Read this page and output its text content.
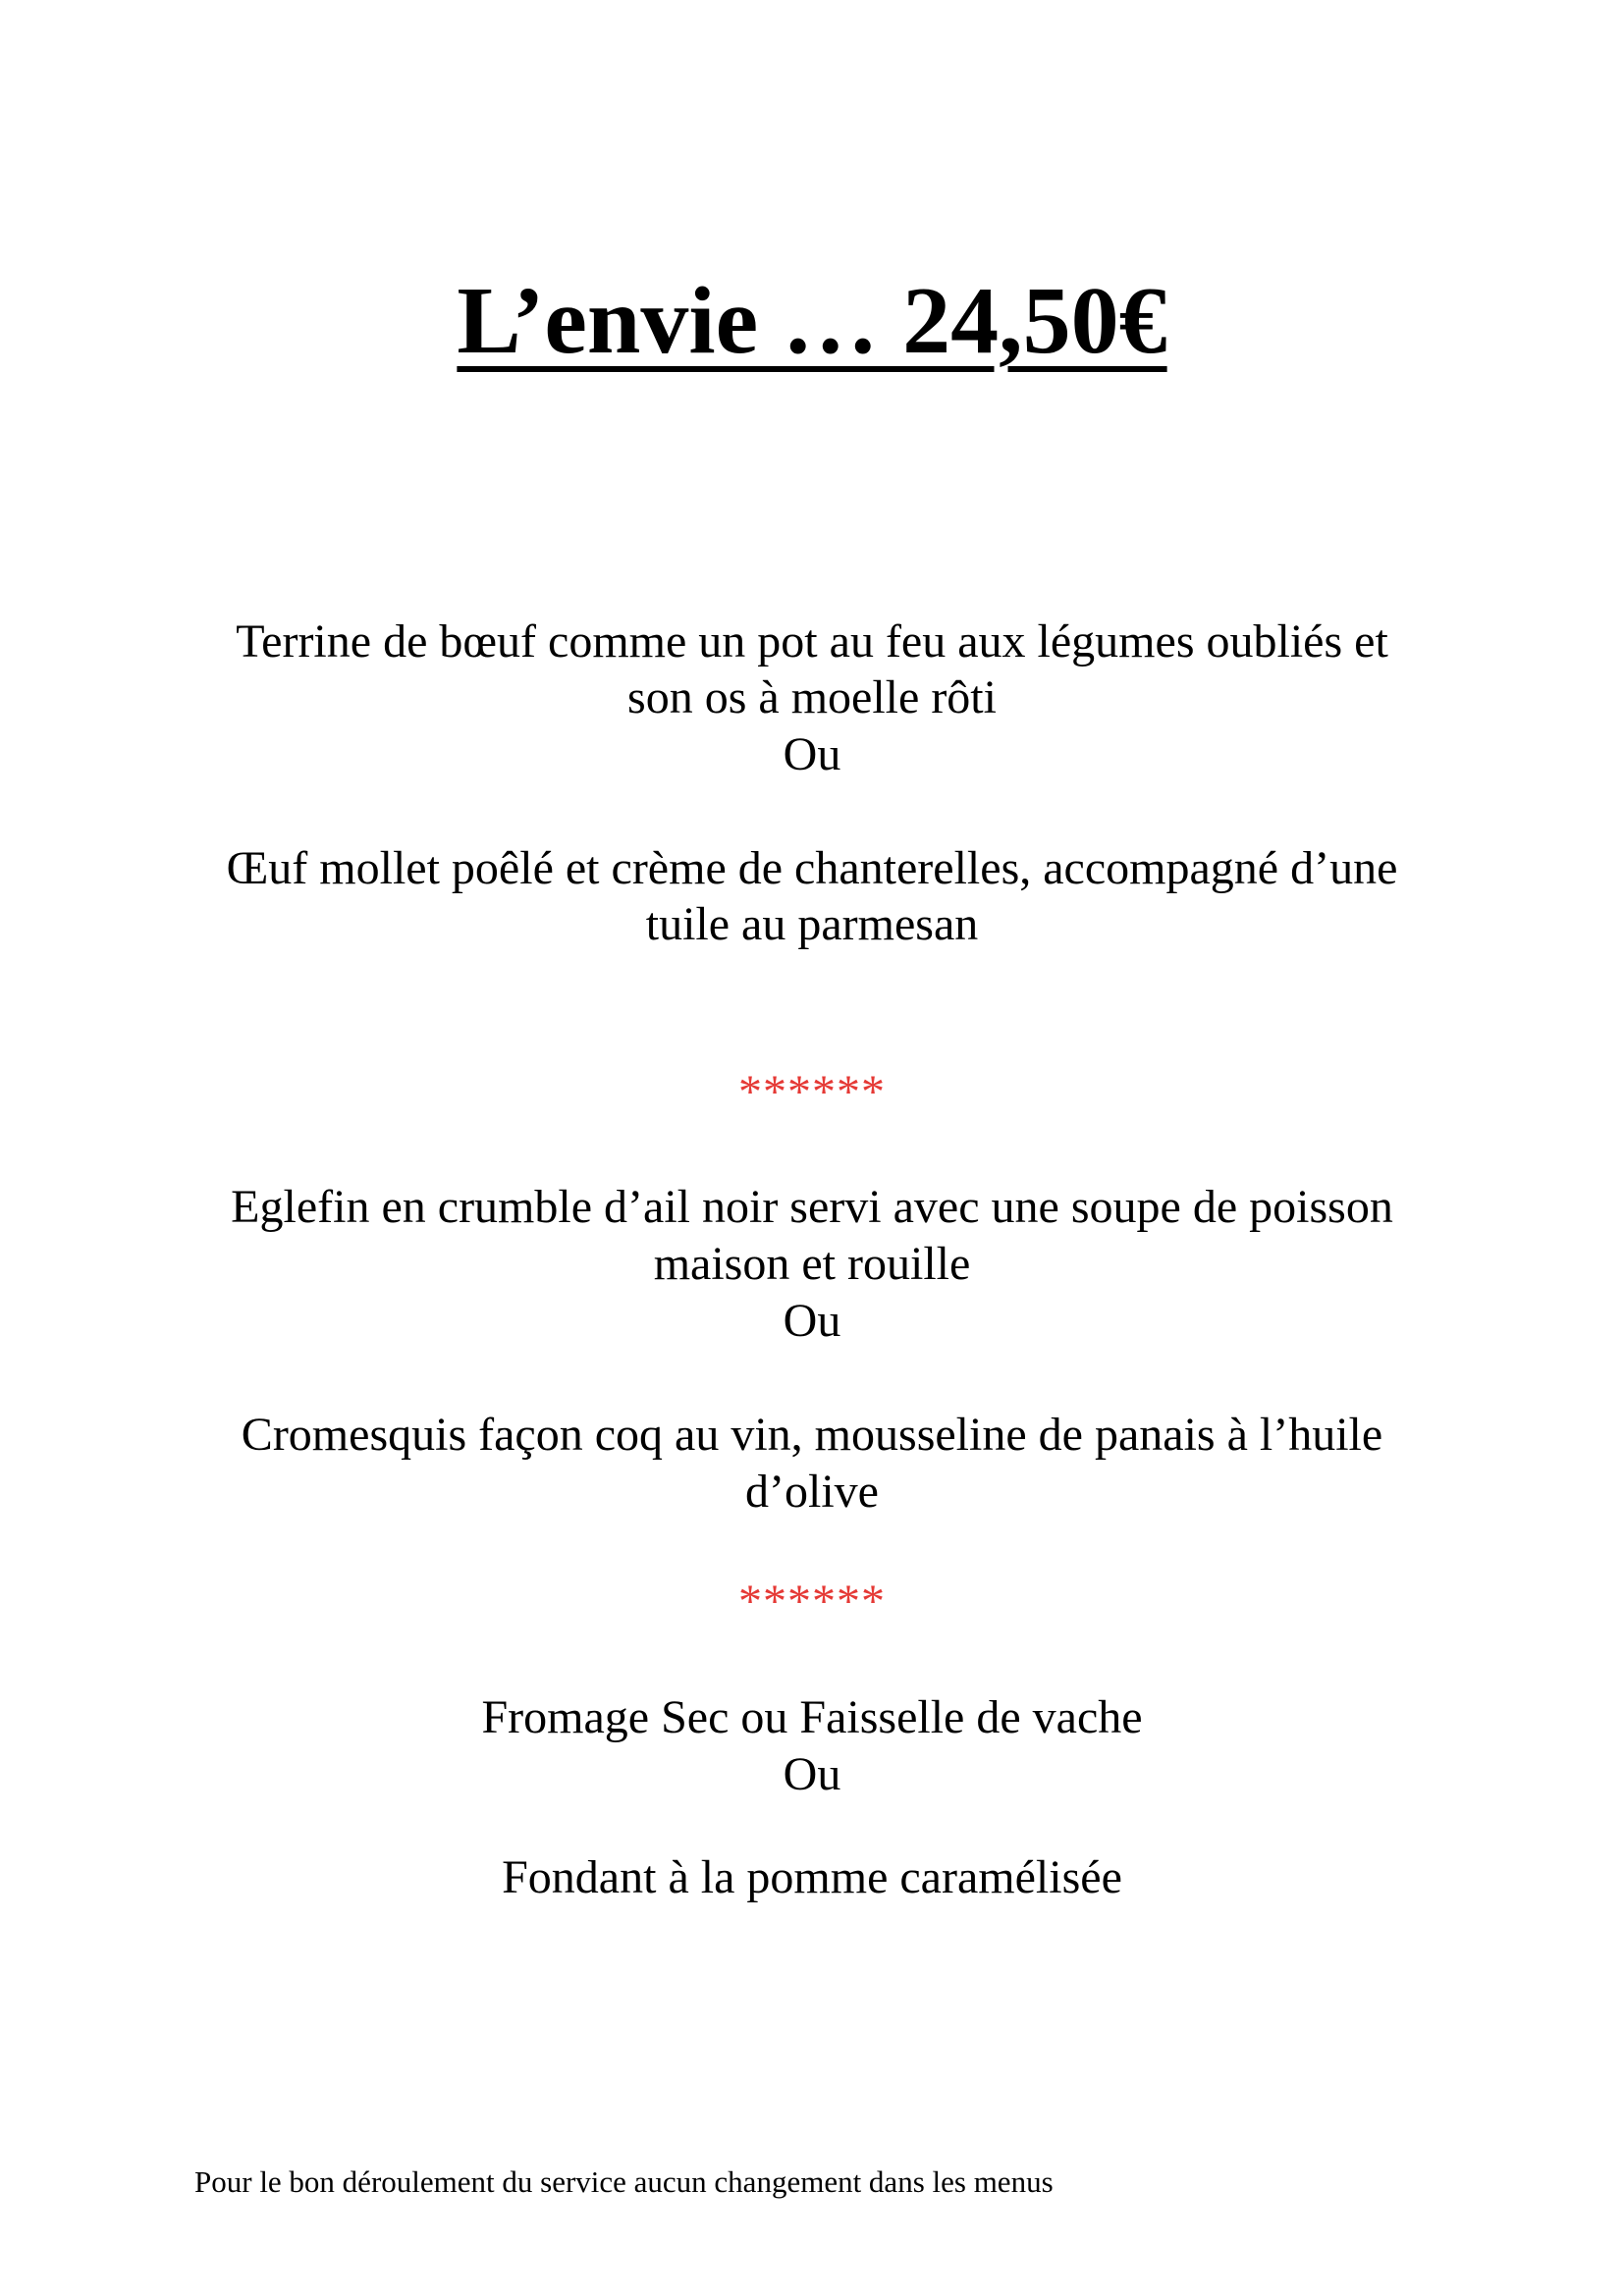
L’envie … 24,50€
Terrine de bœuf comme un pot au feu aux légumes oubliés et
son os à moelle rôti
Ou
Œuf mollet poêlé et crème de chanterelles, accompagné d’une
tuile au parmesan
******
Eglefin en crumble d’ail noir servi avec une soupe de poisson
maison et rouille
Ou
Cromesquis façon coq au vin, mousseline de panais à l’huile
d’olive
******
Fromage Sec ou Faisselle de vache
Ou
Fondant à la pomme caramélisée
Pour le bon déroulement du service aucun changement dans les menus
